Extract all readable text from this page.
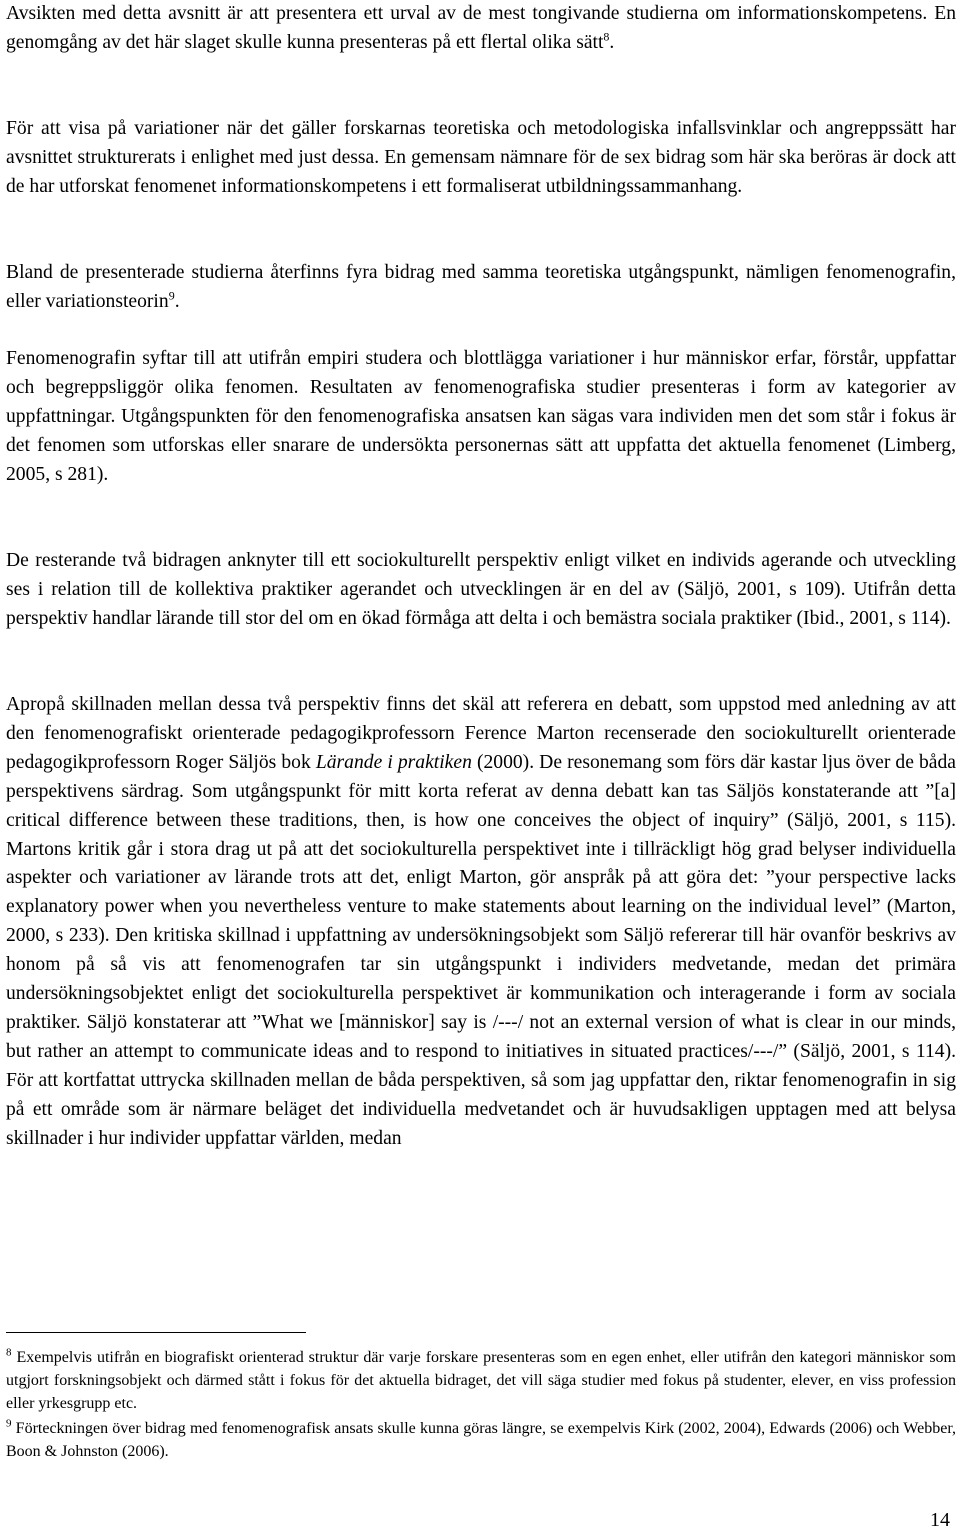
Avsikten med detta avsnitt är att presentera ett urval av de mest tongivande studierna om informationskompetens. En genomgång av det här slaget skulle kunna presenteras på ett flertal olika sätt$^8$.

För att visa på variationer när det gäller forskarnas teoretiska och metodologiska infallsvinklar och angreppssätt har avsnittet strukturerats i enlighet med just dessa. En gemensam nämnare för de sex bidrag som här ska beröras är dock att de har utforskat fenomenet informationskompetens i ett formaliserat utbildningssammanhang.

Bland de presenterade studierna återfinns fyra bidrag med samma teoretiska utgångspunkt, nämligen fenomenografin, eller variationsteorin$^9$.

Fenomenografin syftar till att utifrån empiri studera och blottlägga variationer i hur människor erfar, förstår, uppfattar och begreppsliggör olika fenomen. Resultaten av fenomenografiska studier presenteras i form av kategorier av uppfattningar. Utgångspunkten för den fenomenografiska ansatsen kan sägas vara individen men det som står i fokus är det fenomen som utforskas eller snarare de undersökta personernas sätt att uppfatta det aktuella fenomenet (Limberg, 2005, s 281).

De resterande två bidragen anknyter till ett sociokulturellt perspektiv enligt vilket en individs agerande och utveckling ses i relation till de kollektiva praktiker agerandet och utvecklingen är en del av (Säljö, 2001, s 109). Utifrån detta perspektiv handlar lärande till stor del om en ökad förmåga att delta i och bemästra sociala praktiker (Ibid., 2001, s 114).

Apropå skillnaden mellan dessa två perspektiv finns det skäl att referera en debatt, som uppstod med anledning av att den fenomenografiskt orienterade pedagogikprofessorn Ference Marton recenserade den sociokulturellt orienterade pedagogikprofessorn Roger Säljös bok Lärande i praktiken (2000). De resonemang som förs där kastar ljus över de båda perspektivens särdrag. Som utgångspunkt för mitt korta referat av denna debatt kan tas Säljös konstaterande att ”[a] critical difference between these traditions, then, is how one conceives the object of inquiry” (Säljö, 2001, s 115). Martons kritik går i stora drag ut på att det sociokulturella perspektivet inte i tillräckligt hög grad belyser individuella aspekter och variationer av lärande trots att det, enligt Marton, gör anspråk på att göra det: ”your perspective lacks explanatory power when you nevertheless venture to make statements about learning on the individual level” (Marton, 2000, s 233). Den kritiska skillnad i uppfattning av undersökningsobjekt som Säljö refererar till här ovanför beskrivs av honom på så vis att fenomenografen tar sin utgångspunkt i individers medvetande, medan det primära undersökningsobjektet enligt det sociokulturella perspektivet är kommunikation och interagerande i form av sociala praktiker. Säljö konstaterar att ”What we [människor] say is /---/ not an external version of what is clear in our minds, but rather an attempt to communicate ideas and to respond to initiatives in situated practices/---/” (Säljö, 2001, s 114). För att kortfattat uttrycka skillnaden mellan de båda perspektiven, så som jag uppfattar den, riktar fenomenografin in sig på ett område som är närmare beläget det individuella medvetandet och är huvudsakligen upptagen med att belysa skillnader i hur individer uppfattar världen, medan

$^8$ Exempelvis utifrån en biografiskt orienterad struktur där varje forskare presenteras som en egen enhet, eller utifrån den kategori människor som utgjort forskningsobjekt och därmed stått i fokus för det aktuella bidraget, det vill säga studier med fokus på studenter, elever, en viss profession eller yrkesgrupp etc.

$^9$ Förteckningen över bidrag med fenomenografisk ansats skulle kunna göras längre, se exempelvis Kirk (2002, 2004), Edwards (2006) och Webber, Boon & Johnston (2006).

14
